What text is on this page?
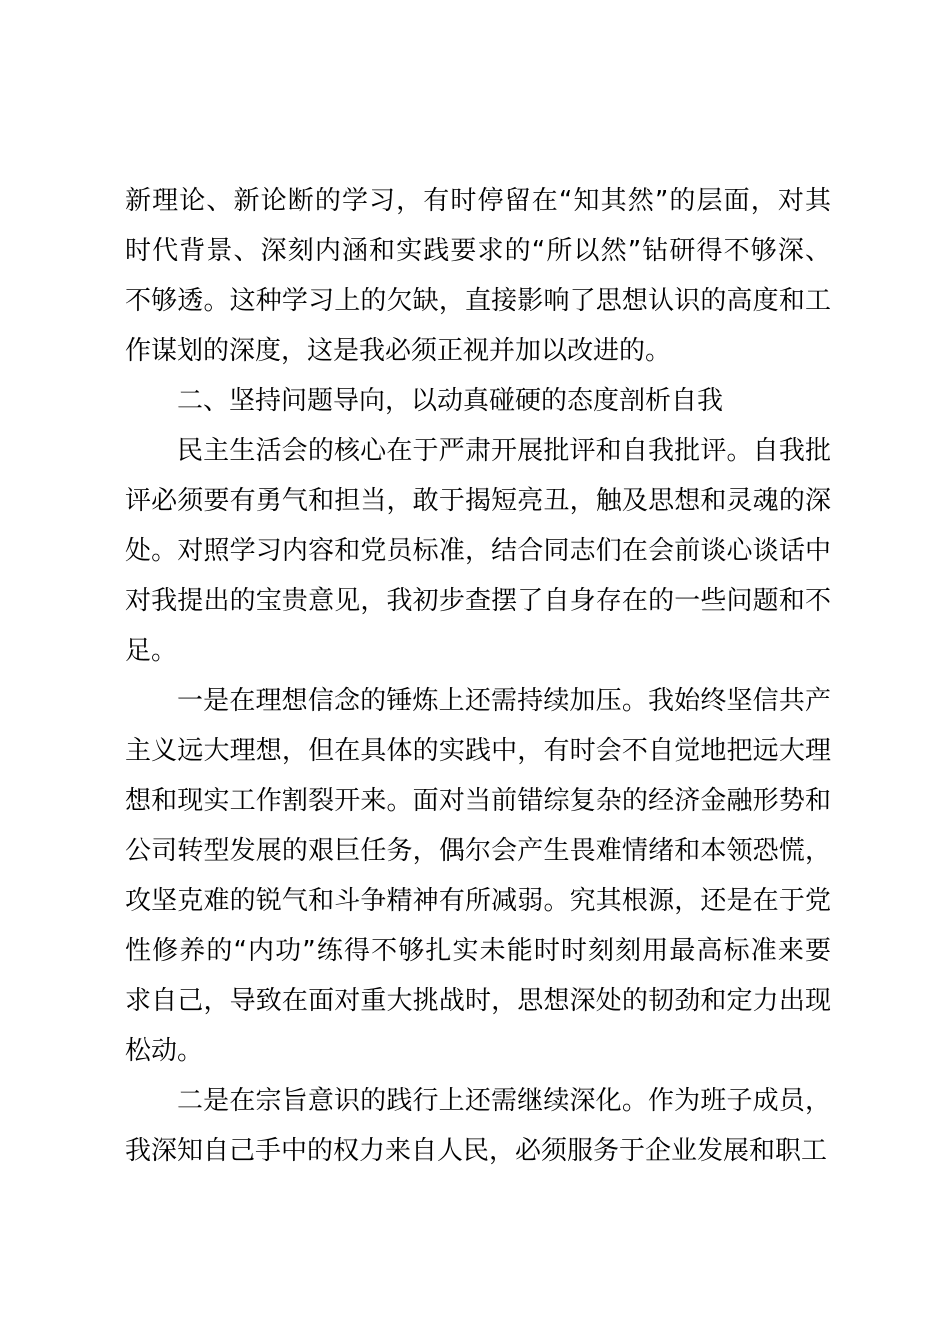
新理论、新论断的学习，有时停留在“知其然”的层面，对其
时代背景、深刻内涵和实践要求的“所以然”钻研得不够深、
不够透。这种学习上的欠缺，直接影响了思想认识的高度和工
作谋划的深度，这是我必须正视并加以改进的。
二、坚持问题导向，以动真碰硬的态度剖析自我
民主生活会的核心在于严肃开展批评和自我批评。自我批
评必须要有勇气和担当，敢于揭短亮丑，触及思想和灵魂的深
处。对照学习内容和党员标准，结合同志们在会前谈心谈话中
对我提出的宝贵意见，我初步查摆了自身存在的一些问题和不
足。
一是在理想信念的锤炼上还需持续加压。我始终坚信共产
主义远大理想，但在具体的实践中，有时会不自觉地把远大理
想和现实工作割裂开来。面对当前错综复杂的经济金融形势和
公司转型发展的艰巨任务，偶尔会产生畏难情绪和本领恐慌，
攻坚克难的锐气和斗争精神有所减弱。究其根源，还是在于党
性修养的“内功”练得不够扎实未能时时刻刻用最高标准来要
求自己，导致在面对重大挑战时，思想深处的韧劲和定力出现
松动。
二是在宗旨意识的践行上还需继续深化。作为班子成员，
我深知自己手中的权力来自人民，必须服务于企业发展和职工
